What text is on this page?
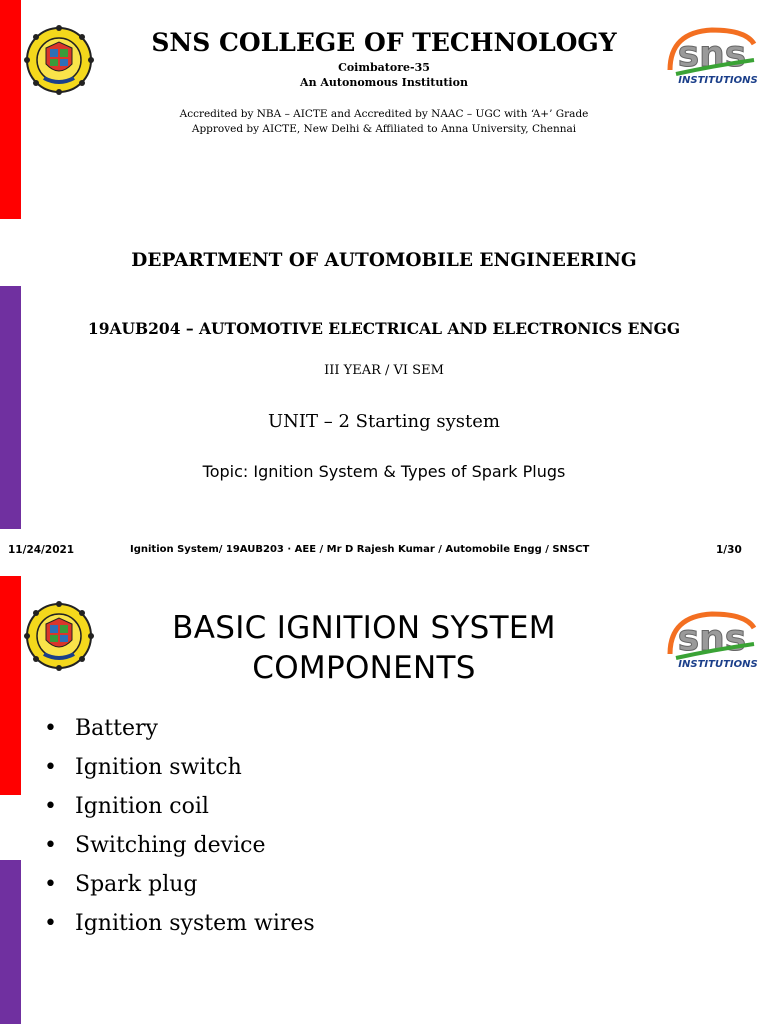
sns
INSTITUTIONS
SNS COLLEGE OF TECHNOLOGY
Coimbatore-35
An Autonomous Institution
Accredited by NBA – AICTE and Accredited by NAAC – UGC with ‘A+’ Grade
Approved by AICTE, New Delhi & Affiliated to Anna University, Chennai
DEPARTMENT OF AUTOMOBILE ENGINEERING
19AUB204 – AUTOMOTIVE ELECTRICAL AND ELECTRONICS ENGG
III YEAR / VI SEM
UNIT – 2 Starting system
Topic: Ignition System & Types of Spark Plugs
11/24/2021	Ignition System/ 19AUB203 · AEE / Mr D Rajesh Kumar / Automobile Engg / SNSCT	1/30
sns
INSTITUTIONS
BASIC IGNITION SYSTEM
COMPONENTS
• Battery
• Ignition switch
• Ignition coil
• Switching device
• Spark plug
• Ignition system wires
